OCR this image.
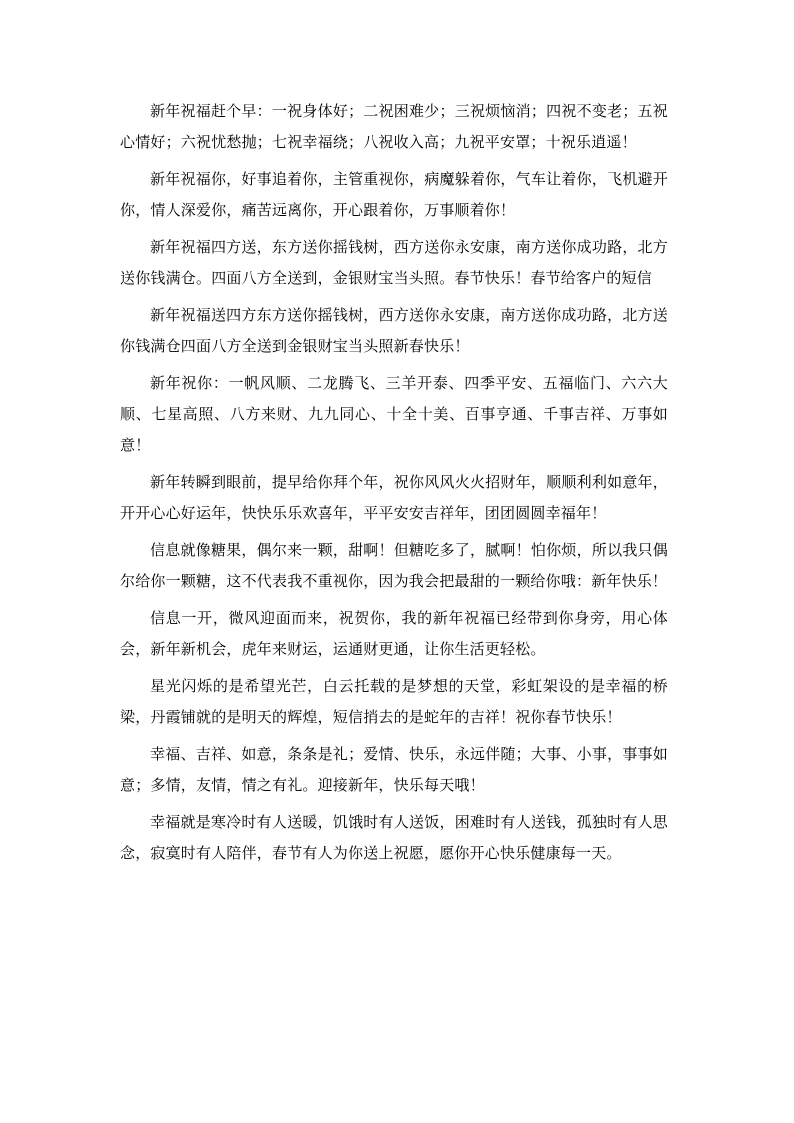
新年祝福赶个早：一祝身体好；二祝困难少；三祝烦恼消；四祝不变老；五祝心情好；六祝忧愁抛；七祝幸福绕；八祝收入高；九祝平安罩；十祝乐逍遥！

新年祝福你，好事追着你，主管重视你，病魔躲着你，气车让着你，飞机避开你，情人深爱你，痛苦远离你，开心跟着你，万事顺着你！

新年祝福四方送，东方送你摇钱树，西方送你永安康，南方送你成功路，北方送你钱满仓。四面八方全送到，金银财宝当头照。春节快乐！春节给客户的短信

新年祝福送四方东方送你摇钱树，西方送你永安康，南方送你成功路，北方送你钱满仓四面八方全送到金银财宝当头照新春快乐！

新年祝你：一帆风顺、二龙腾飞、三羊开泰、四季平安、五福临门、六六大顺、七星高照、八方来财、九九同心、十全十美、百事亨通、千事吉祥、万事如意！

新年转瞬到眼前，提早给你拜个年，祝你风风火火招财年，顺顺利利如意年，开开心心好运年，快快乐乐欢喜年，平平安安吉祥年，团团圆圆幸福年！

信息就像糖果，偶尔来一颗，甜啊！但糖吃多了，腻啊！怕你烦，所以我只偶尔给你一颗糖，这不代表我不重视你，因为我会把最甜的一颗给你哦：新年快乐！

信息一开，微风迎面而来，祝贺你，我的新年祝福已经带到你身旁，用心体会，新年新机会，虎年来财运，运通财更通，让你生活更轻松。

星光闪烁的是希望光芒，白云托载的是梦想的天堂，彩虹架设的是幸福的桥梁，丹霞铺就的是明天的辉煌，短信捎去的是蛇年的吉祥！祝你春节快乐！

幸福、吉祥、如意，条条是礼；爱情、快乐，永远伴随；大事、小事，事事如意；多情，友情，情之有礼。迎接新年，快乐每天哦！

幸福就是寒冷时有人送暖，饥饿时有人送饭，困难时有人送钱，孤独时有人思念，寂寞时有人陪伴，春节有人为你送上祝愿，愿你开心快乐健康每一天。
